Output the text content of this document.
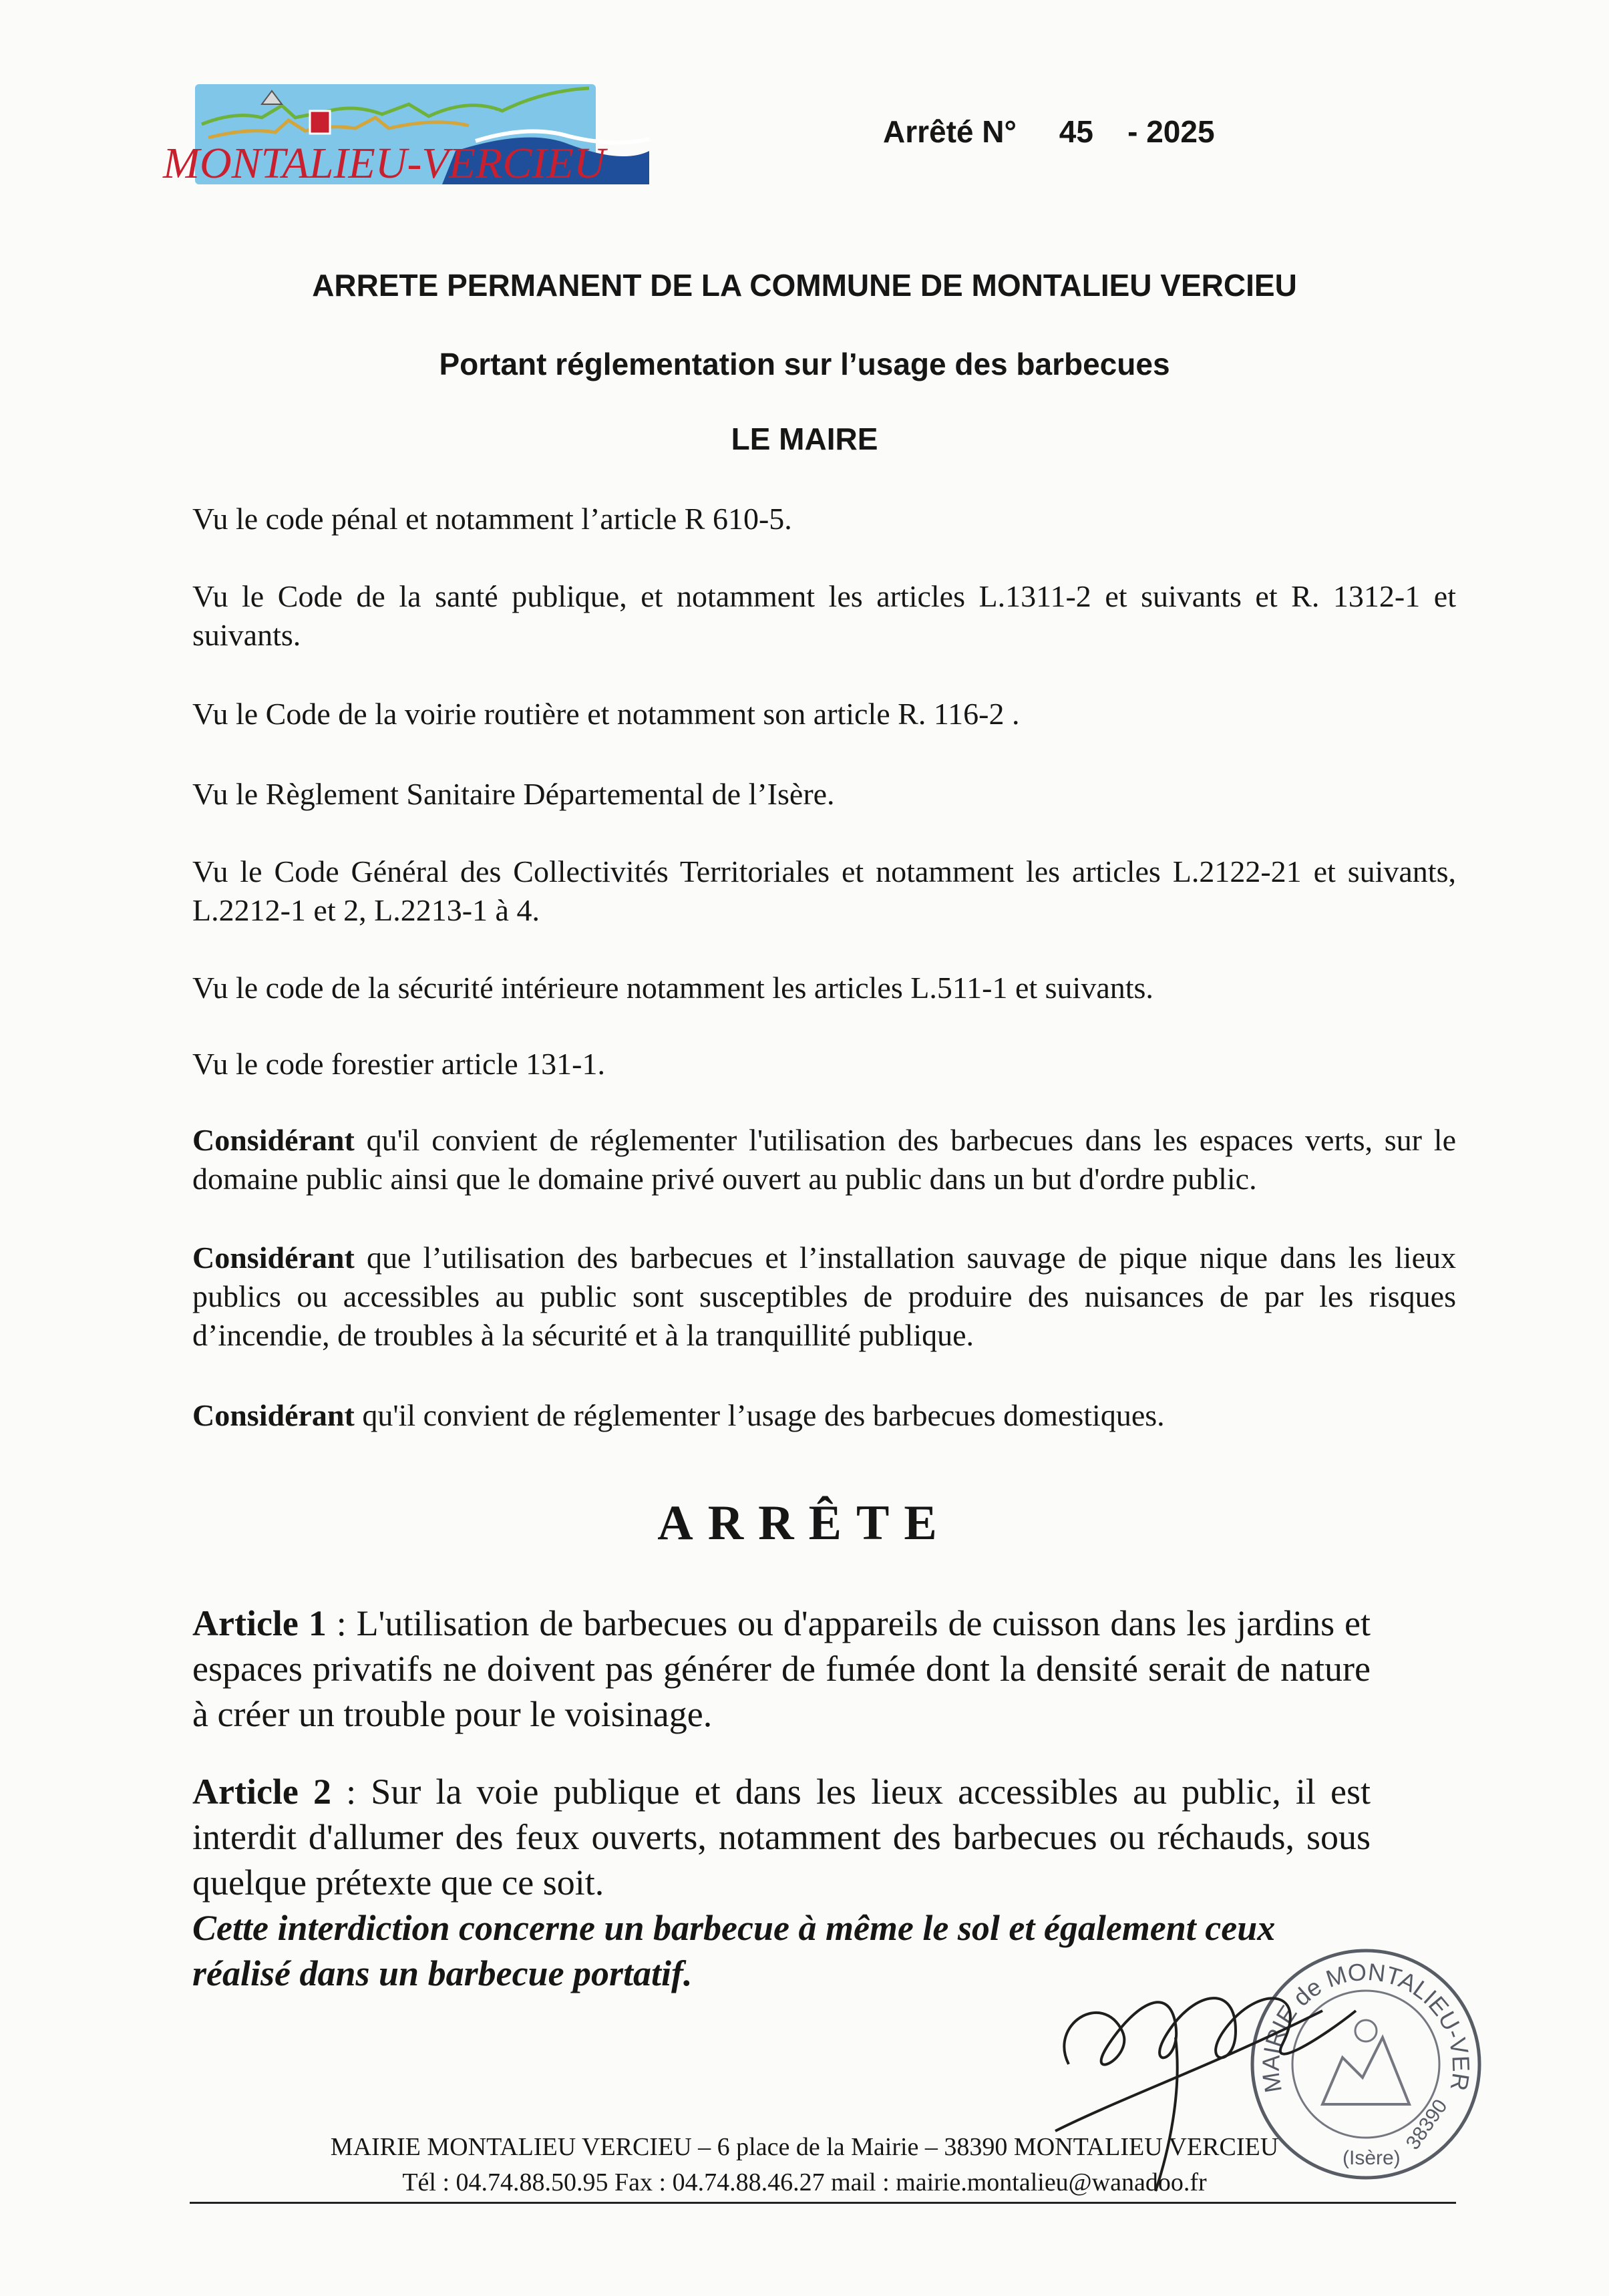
MONTALIEU-VERCIEU
Arrêté N°     45    - 2025
ARRETE PERMANENT DE LA COMMUNE DE MONTALIEU VERCIEU
Portant réglementation sur l’usage des barbecues
LE MAIRE
Vu le code pénal et notamment l’article R 610-5.
Vu le Code de la santé publique, et notamment les articles L.1311-2 et suivants et R. 1312-1 et suivants.
Vu le Code de la voirie routière et notamment son article R. 116-2 .
Vu le Règlement Sanitaire Départemental de l’Isère.
Vu le Code Général des Collectivités Territoriales et notamment les articles L.2122-21 et suivants, L.2212-1 et 2, L.2213-1 à 4.
Vu le code de la sécurité intérieure notamment les articles L.511-1 et suivants.
Vu le code forestier article 131-1.
Considérant qu'il convient de réglementer l'utilisation des barbecues dans les espaces verts, sur le domaine public ainsi que le domaine privé ouvert au public dans un but d'ordre public.
Considérant que l’utilisation des barbecues et l’installation sauvage de pique nique dans les lieux publics ou accessibles au public sont susceptibles de produire des nuisances de par les risques d’incendie, de troubles à la sécurité et à la tranquillité publique.
Considérant qu'il convient de réglementer l’usage des barbecues domestiques.
ARRÊTE
Article 1 : L'utilisation de barbecues ou d'appareils de cuisson dans les jardins et espaces privatifs ne doivent pas générer de fumée dont la densité serait de nature à créer un trouble pour le voisinage.
Article 2 : Sur la voie publique et dans les lieux accessibles au public, il est interdit d'allumer des feux ouverts, notamment des barbecues ou réchauds, sous quelque prétexte que ce soit.
Cette interdiction concerne un barbecue à même le sol et également ceux réalisé dans un barbecue portatif.
MAIRIE de MONTALIEU-VER
(Isère)
38390
MAIRIE MONTALIEU VERCIEU – 6 place de la Mairie – 38390 MONTALIEU VERCIEU
Tél : 04.74.88.50.95 Fax : 04.74.88.46.27 mail : mairie.montalieu@wanadoo.fr
